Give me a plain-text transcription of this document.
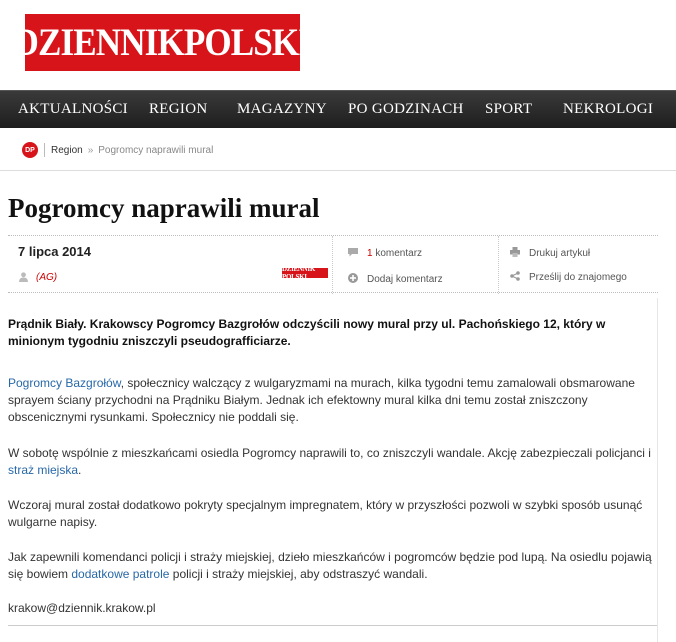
DZIENNIKPOLSKI
AKTUALNOŚCI REGION MAGAZYNY PO GODZINACH SPORT NEKROLOGI
DP	Region » Pogromcy naprawili mural
Pogromcy naprawili mural
7 lipca 2014
(AG)
DZIENNIK POLSKI
1 komentarz
Dodaj komentarz
Drukuj artykuł
Prześlij do znajomego

Prądnik Biały. Krakowscy Pogromcy Bazgrołów odczyścili nowy mural przy ul. Pachońskiego 12, który w minionym tygodniu zniszczyli pseudografficiarze.

Pogromcy Bazgrołów, społecznicy walczący z wulgaryzmami na murach, kilka tygodni temu zamalowali obsmarowane sprayem ściany przychodni na Prądniku Białym. Jednak ich efektowny mural kilka dni temu został zniszczony obscenicznymi rysunkami. Społecznicy nie poddali się.

W sobotę wspólnie z mieszkańcami osiedla Pogromcy naprawili to, co zniszczyli wandale. Akcję zabezpieczali policjanci i straż miejska.

Wczoraj mural został dodatkowo pokryty specjalnym impregnatem, który w przyszłości pozwoli w szybki sposób usunąć wulgarne napisy.

Jak zapewnili komendanci policji i straży miejskiej, dzieło mieszkańców i pogromców będzie pod lupą. Na osiedlu pojawią się bowiem dodatkowe patrole policji i straży miejskiej, aby odstraszyć wandali.

krakow@dziennik.krakow.pl
